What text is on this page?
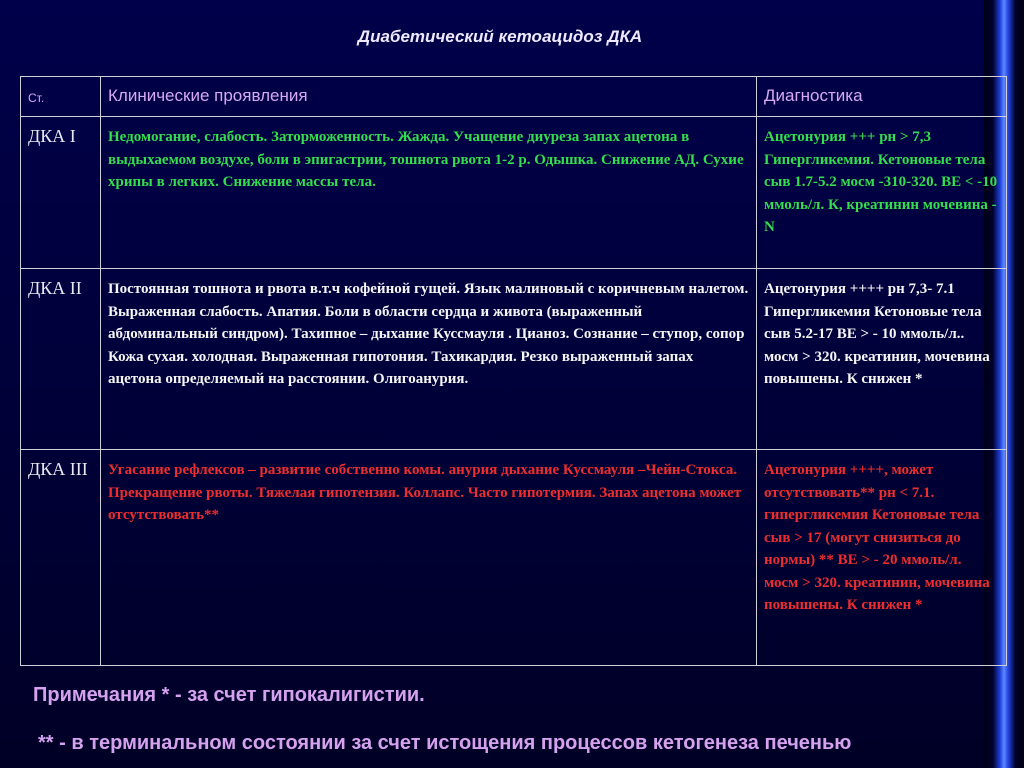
Диабетический кетоацидоз ДКА
Ст.	Клинические проявления	Диагностика
ДКА I	Недомогание, слабость. Заторможенность. Жажда. Учащение диуреза запах ацетона в выдыхаемом воздухе, боли в эпигастрии, тошнота рвота 1-2 р. Одышка. Снижение АД. Сухие хрипы в легких. Снижение массы тела.	Ацетонурия +++ рн > 7,3 Гипергликемия. Кетоновые тела сыв 1.7-5.2 мосм -310-320. ВЕ < -10 ммоль/л. К, креатинин мочевина - N
ДКА II	Постоянная тошнота и рвота в.т.ч кофейной гущей. Язык малиновый с коричневым налетом. Выраженная слабость. Апатия. Боли в области сердца и живота (выраженный абдоминальный синдром). Тахипное – дыхание Куссмауля . Цианоз. Сознание – ступор, сопор Кожа сухая. холодная. Выраженная гипотония. Тахикардия. Резко выраженный запах ацетона определяемый на расстоянии. Олигоанурия.	Ацетонурия ++++ рн 7,3- 7.1 Гипергликемия Кетоновые тела сыв 5.2-17 ВЕ > - 10 ммоль/л.. мосм > 320. креатинин, мочевина повышены. К снижен *
ДКА III	Угасание рефлексов – развитие собственно комы. анурия дыхание Куссмауля –Чейн-Стокса. Прекращение рвоты. Тяжелая гипотензия. Коллапс. Часто гипотермия. Запах ацетона может отсутствовать**	Ацетонурия ++++, может отсутствовать** рн < 7.1. гипергликемия Кетоновые тела сыв > 17 (могут снизиться до нормы) ** ВЕ > - 20 ммоль/л. мосм > 320. креатинин, мочевина повышены. К снижен *
Примечания * - за счет гипокалигистии.
** - в терминальном состоянии за счет истощения процессов кетогенеза печенью
